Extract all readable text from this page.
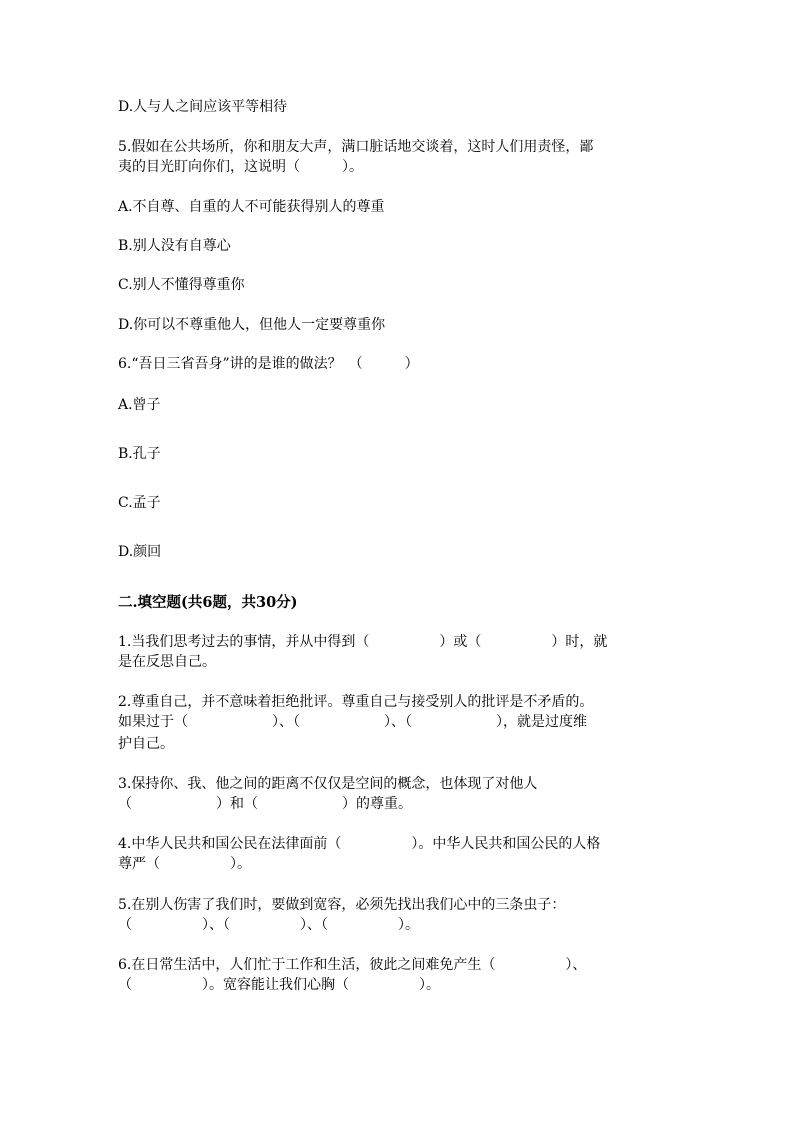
D.人与人之间应该平等相待

5.假如在公共场所，你和朋友大声，满口脏话地交谈着，这时人们用责怪，鄙

夷的目光盯向你们，这说明（　　　）。

A.不自尊、自重的人不可能获得别人的尊重

B.别人没有自尊心

C.别人不懂得尊重你

D.你可以不尊重他人，但他人一定要尊重你

6.“吾日三省吾身”讲的是谁的做法？　（　　　）

A.曾子

B.孔子

C.孟子

D.颜回

二.填空题(共6题，共30分)

1.当我们思考过去的事情，并从中得到（　　　　　）或（　　　　　）时，就

是在反思自己。

2.尊重自己，并不意味着拒绝批评。尊重自己与接受别人的批评是不矛盾的。

如果过于（　　　　　　）、（　　　　　　）、（　　　　　　），就是过度维

护自己。

3.保持你、我、他之间的距离不仅仅是空间的概念，也体现了对他人

（　　　　　　）和（　　　　　　）的尊重。

4.中华人民共和国公民在法律面前（　　　　　）。中华人民共和国公民的人格

尊严（　　　　　）。

5.在别人伤害了我们时，要做到宽容，必须先找出我们心中的三条虫子：

（　　　　　）、（　　　　　）、（　　　　　）。

6.在日常生活中，人们忙于工作和生活，彼此之间难免产生（　　　　　）、

（　　　　　）。宽容能让我们心胸（　　　　　）。
